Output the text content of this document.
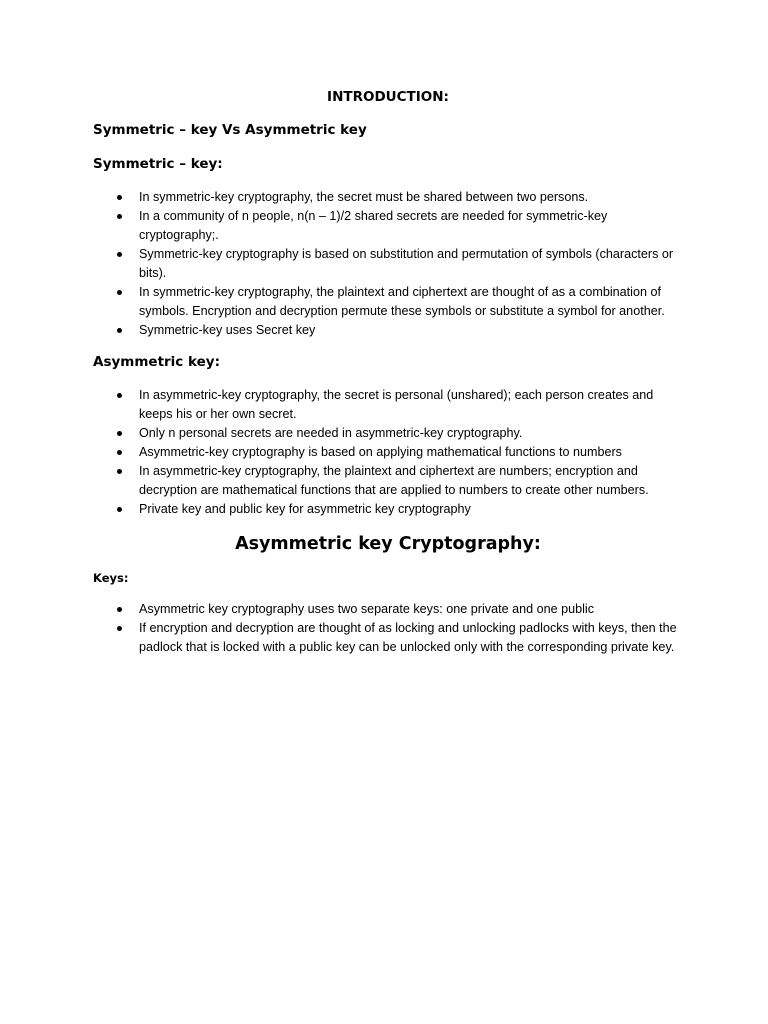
INTRODUCTION:
Symmetric – key Vs Asymmetric key
Symmetric – key:
In symmetric-key cryptography, the secret must be shared between two persons.
In a community of n people, n(n – 1)/2 shared secrets are needed for symmetric-key cryptography;.
Symmetric-key cryptography is based on substitution and permutation of symbols (characters or bits).
In symmetric-key cryptography, the plaintext and ciphertext are thought of as a combination of symbols. Encryption and decryption permute these symbols or substitute a symbol for another.
Symmetric-key uses Secret key
Asymmetric key:
In asymmetric-key cryptography, the secret is personal (unshared); each person creates and keeps his or her own secret.
Only n personal secrets are needed in asymmetric-key cryptography.
Asymmetric-key cryptography is based on applying mathematical functions to numbers
In asymmetric-key cryptography, the plaintext and ciphertext are numbers; encryption and decryption are mathematical functions that are applied to numbers to create other numbers.
Private key and public key for asymmetric key cryptography
Asymmetric key Cryptography:

Keys:

Asymmetric key cryptography uses two separate keys: one private and one public
If encryption and decryption are thought of as locking and unlocking padlocks with keys, then the padlock that is locked with a public key can be unlocked only with the corresponding private key.
